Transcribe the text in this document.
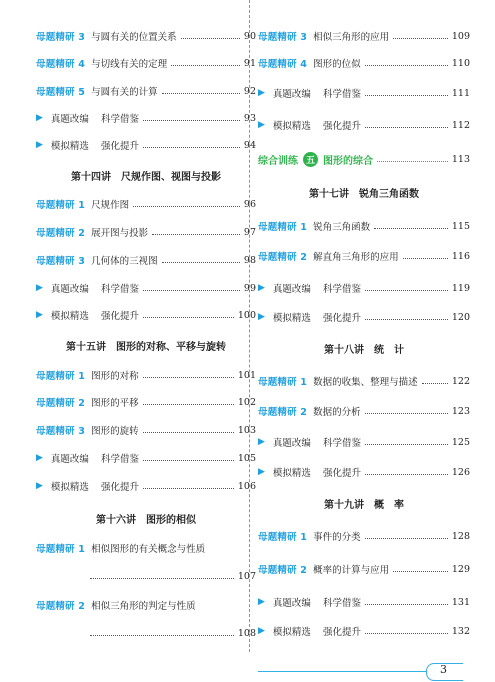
母题精研 3 与圆有关的位置关系	90
母题精研 4 与切线有关的定理	91
母题精研 5 与圆有关的计算	92
▶ 真题改编 科学借鉴	93
▶ 模拟精选 强化提升	94
第十四讲　尺规作图、视图与投影
母题精研 1 尺规作图	96
母题精研 2 展开图与投影	97
母题精研 3 几何体的三视图	98
▶ 真题改编 科学借鉴	99
▶ 模拟精选 强化提升	100
第十五讲　图形的对称、平移与旋转
母题精研 1 图形的对称	101
母题精研 2 图形的平移	102
母题精研 3 图形的旋转	103
▶ 真题改编 科学借鉴	105
▶ 模拟精选 强化提升	106
第十六讲　图形的相似
母题精研 1 相似图形的有关概念与性质
107
母题精研 2 相似三角形的判定与性质
108
母题精研 3 相似三角形的应用	109
母题精研 4 图形的位似	110
▶ 真题改编 科学借鉴	111
▶ 模拟精选 强化提升	112
综合训练 五 图形的综合	113
第十七讲　锐角三角函数
母题精研 1 锐角三角函数	115
母题精研 2 解直角三角形的应用	116
▶ 真题改编 科学借鉴	119
▶ 模拟精选 强化提升	120
第十八讲　统　计
母题精研 1 数据的收集、整理与描述	122
母题精研 2 数据的分析	123
▶ 真题改编 科学借鉴	125
▶ 模拟精选 强化提升	126
第十九讲　概　率
母题精研 1 事件的分类	128
母题精研 2 概率的计算与应用	129
▶ 真题改编 科学借鉴	131
▶ 模拟精选 强化提升	132
3
